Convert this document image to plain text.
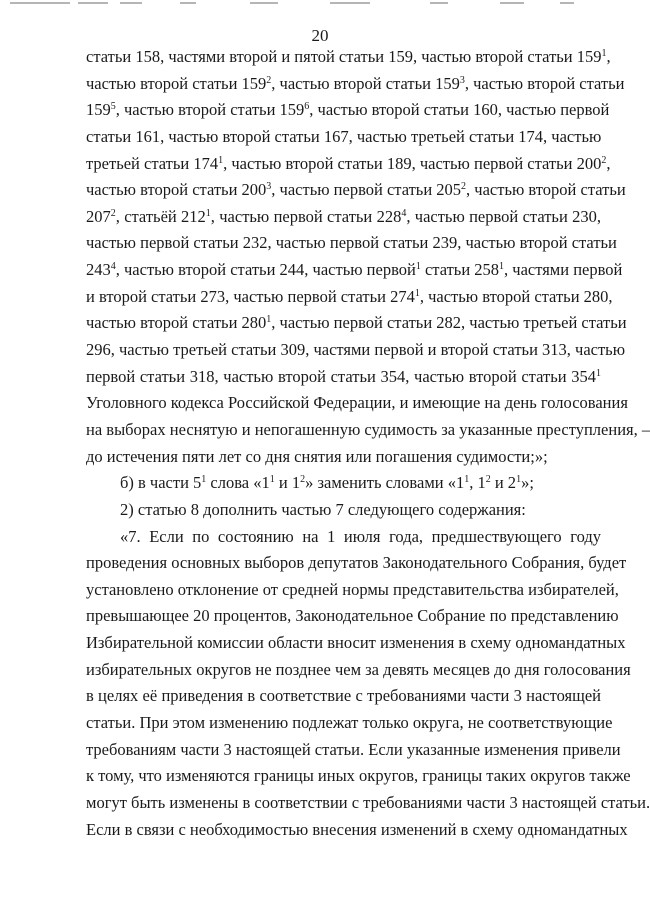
20
статьи 158, частями второй и пятой статьи 159, частью второй статьи $159^1$,
частью второй статьи $159^2$, частью второй статьи $159^3$, частью второй статьи
$159^5$, частью второй статьи $159^6$, частью второй статьи 160, частью первой
статьи 161, частью второй статьи 167, частью третьей статьи 174, частью
третьей статьи $174^1$, частью второй статьи 189, частью первой статьи $200^2$,
частью второй статьи $200^3$, частью первой статьи $205^2$, частью второй статьи
$207^2$, статьёй $212^1$, частью первой статьи $228^4$, частью первой статьи 230,
частью первой статьи 232, частью первой статьи 239, частью второй статьи
$243^4$, частью второй статьи 244, частью первой$^1$ статьи $258^1$, частями первой
и второй статьи 273, частью первой статьи $274^1$, частью второй статьи 280,
частью второй статьи $280^1$, частью первой статьи 282, частью третьей статьи
296, частью третьей статьи 309, частями первой и второй статьи 313, частью
первой статьи 318, частью второй статьи 354, частью второй статьи $354^1$
Уголовного кодекса Российской Федерации, и имеющие на день голосования
на выборах неснятую и непогашенную судимость за указанные преступления, –
до истечения пяти лет со дня снятия или погашения судимости;»;
б) в части $5^1$ слова «$1^1$ и $1^2$» заменить словами «$1^1$, $1^2$ и $2^1$»;
2) статью 8 дополнить частью 7 следующего содержания:
«7. Если по состоянию на 1 июля года, предшествующего году
проведения основных выборов депутатов Законодательного Собрания, будет
установлено отклонение от средней нормы представительства избирателей,
превышающее 20 процентов, Законодательное Собрание по представлению
Избирательной комиссии области вносит изменения в схему одномандатных
избирательных округов не позднее чем за девять месяцев до дня голосования
в целях её приведения в соответствие с требованиями части 3 настоящей
статьи. При этом изменению подлежат только округа, не соответствующие
требованиям части 3 настоящей статьи. Если указанные изменения привели
к тому, что изменяются границы иных округов, границы таких округов также
могут быть изменены в соответствии с требованиями части 3 настоящей статьи.
Если в связи с необходимостью внесения изменений в схему одномандатных
